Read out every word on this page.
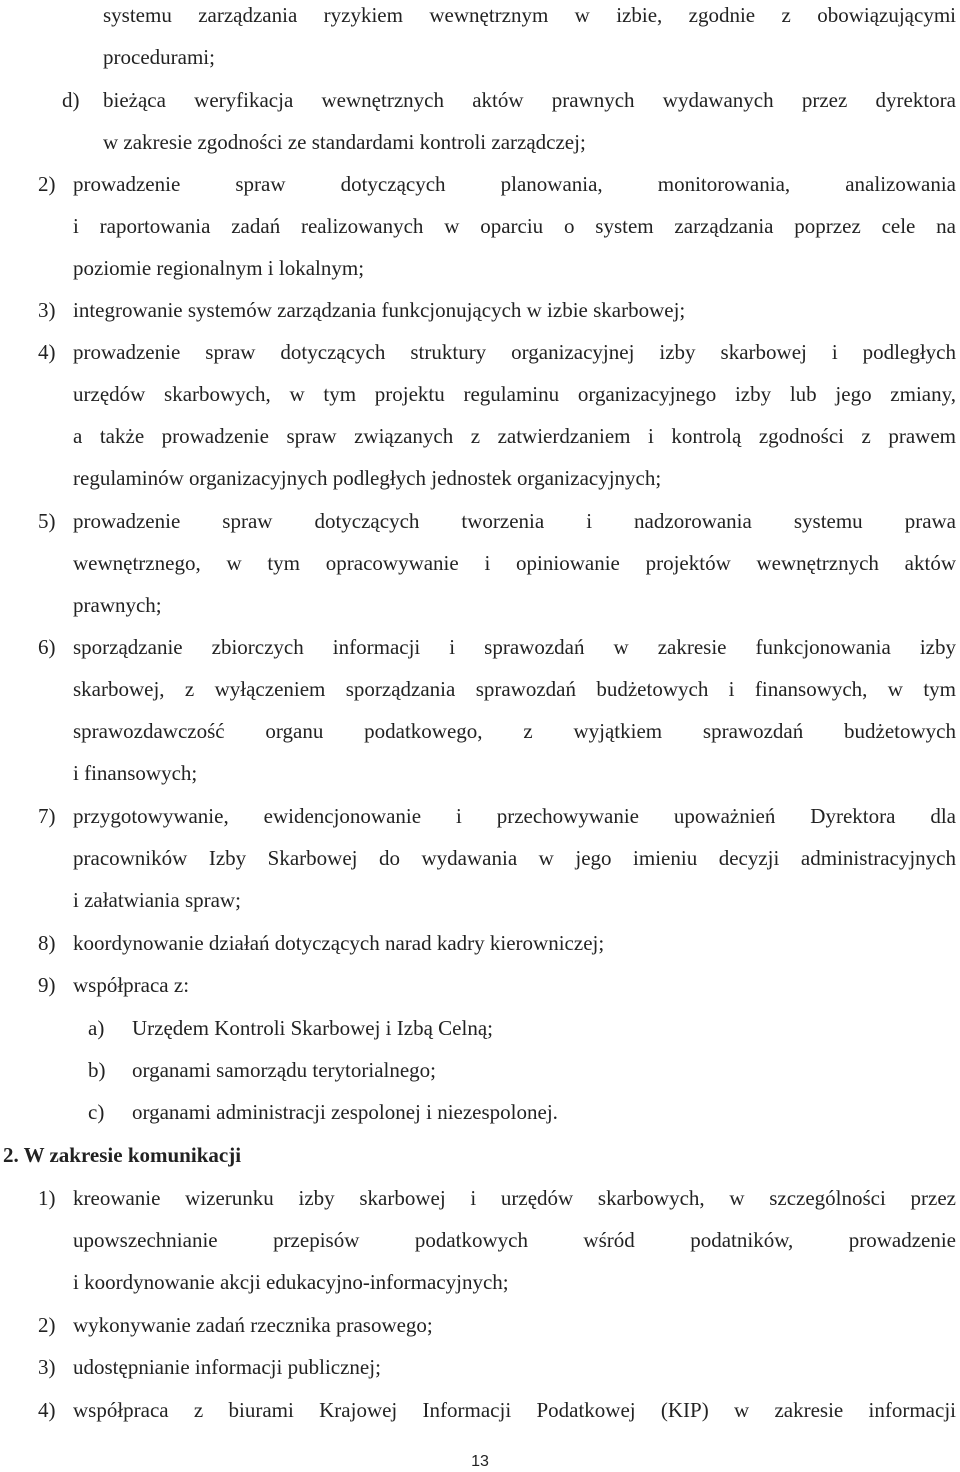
systemu zarządzania ryzykiem wewnętrznym w izbie, zgodnie z obowiązującymi
procedurami;
d) bieżąca weryfikacja wewnętrznych aktów prawnych wydawanych przez dyrektora
w zakresie zgodności ze standardami kontroli zarządczej;
2) prowadzenie spraw dotyczących planowania, monitorowania, analizowania
i raportowania zadań realizowanych w oparciu o system zarządzania poprzez cele na
poziomie regionalnym i lokalnym;
3) integrowanie systemów zarządzania funkcjonujących w izbie skarbowej;
4) prowadzenie spraw dotyczących struktury organizacyjnej izby skarbowej i podległych
urzędów skarbowych, w tym projektu regulaminu organizacyjnego izby lub jego zmiany,
a także prowadzenie spraw związanych z zatwierdzaniem i kontrolą zgodności z prawem
regulaminów organizacyjnych podległych jednostek organizacyjnych;
5) prowadzenie spraw dotyczących tworzenia i nadzorowania systemu prawa
wewnętrznego, w tym opracowywanie i opiniowanie projektów wewnętrznych aktów
prawnych;
6) sporządzanie zbiorczych informacji i sprawozdań w zakresie funkcjonowania izby
skarbowej, z wyłączeniem sporządzania sprawozdań budżetowych i finansowych, w tym
sprawozdawczość organu podatkowego, z wyjątkiem sprawozdań budżetowych
i finansowych;
7) przygotowywanie, ewidencjonowanie i przechowywanie upoważnień Dyrektora dla
pracowników Izby Skarbowej do wydawania w jego imieniu decyzji administracyjnych
i załatwiania spraw;
8) koordynowanie działań dotyczących narad kadry kierowniczej;
9) współpraca z:
a) Urzędem Kontroli Skarbowej i Izbą Celną;
b) organami samorządu terytorialnego;
c) organami administracji zespolonej i niezespolonej.
2. W zakresie komunikacji
1) kreowanie wizerunku izby skarbowej i urzędów skarbowych, w szczególności przez
upowszechnianie przepisów podatkowych wśród podatników, prowadzenie
i koordynowanie akcji edukacyjno-informacyjnych;
2) wykonywanie zadań rzecznika prasowego;
3) udostępnianie informacji publicznej;
4) współpraca z biurami Krajowej Informacji Podatkowej (KIP) w zakresie informacji
13
